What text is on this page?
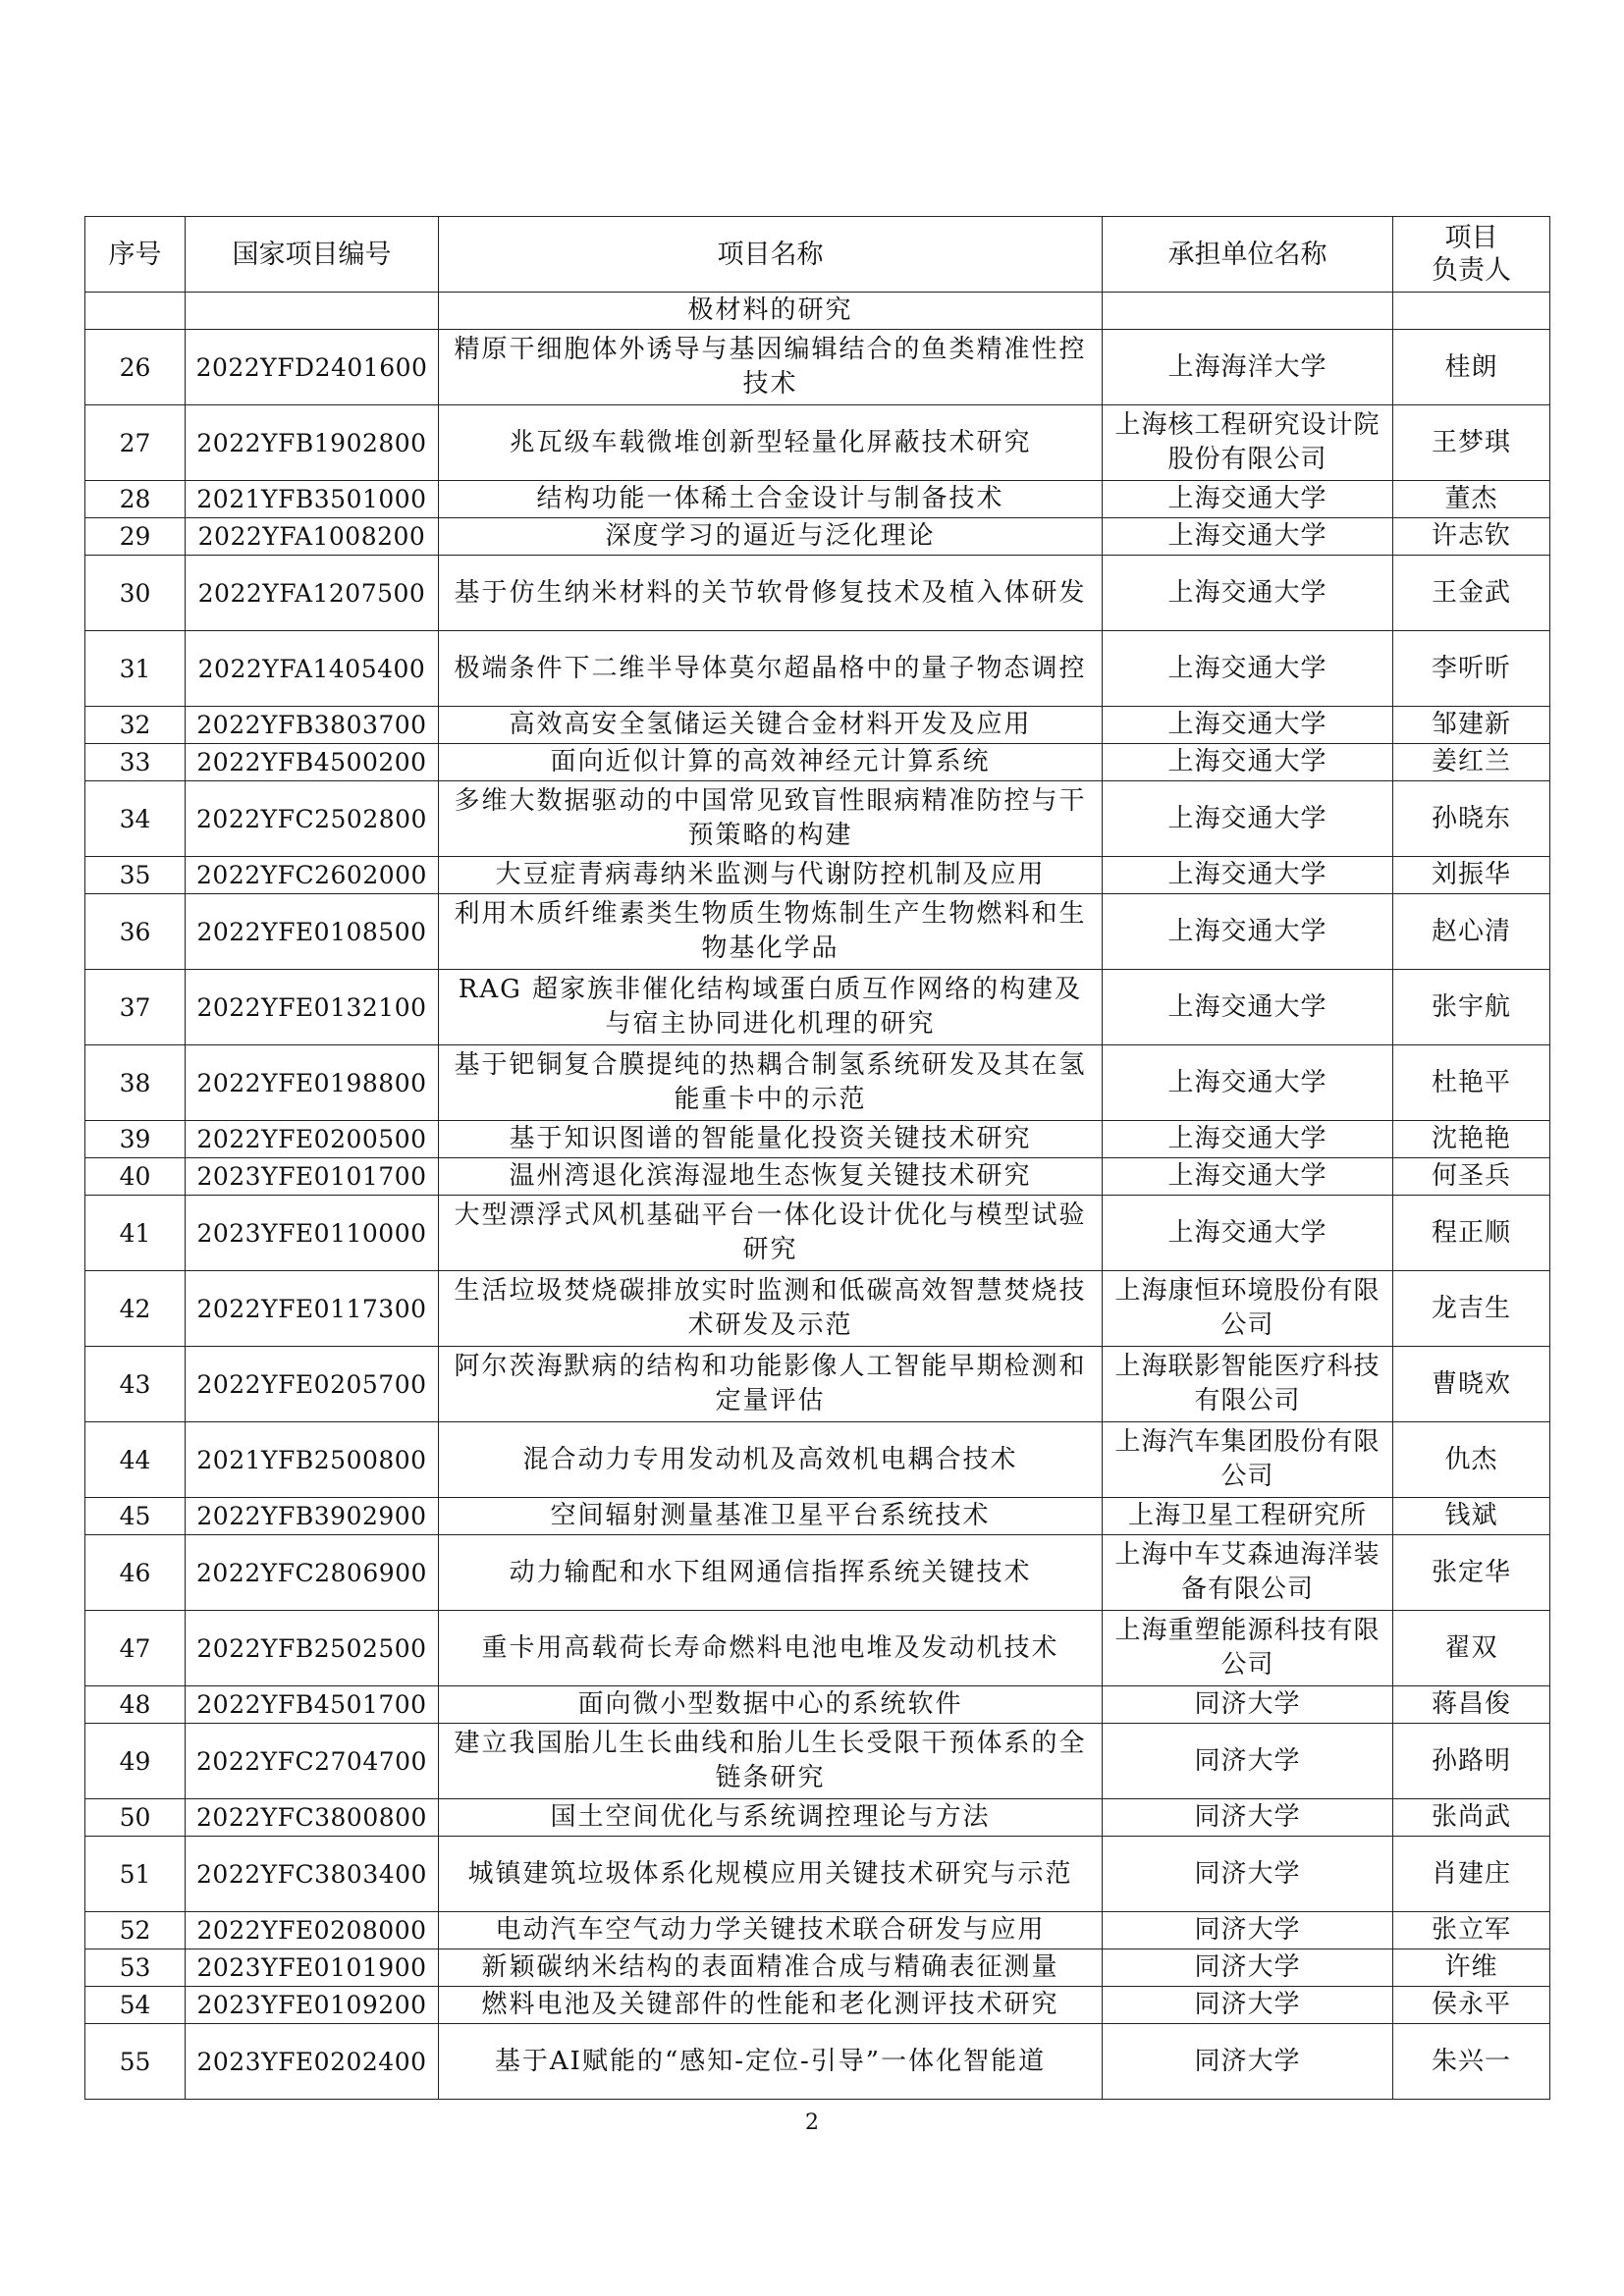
序号	国家项目编号	项目名称	承担单位名称	项目
负责人
		极材料的研究		
26	2022YFD2401600	精原干细胞体外诱导与基因编辑结合的鱼类精准性控技术	上海海洋大学	桂朗
27	2022YFB1902800	兆瓦级车载微堆创新型轻量化屏蔽技术研究	上海核工程研究设计院股份有限公司	王梦琪
28	2021YFB3501000	结构功能一体稀土合金设计与制备技术	上海交通大学	董杰
29	2022YFA1008200	深度学习的逼近与泛化理论	上海交通大学	许志钦
30	2022YFA1207500	基于仿生纳米材料的关节软骨修复技术及植入体研发	上海交通大学	王金武
31	2022YFA1405400	极端条件下二维半导体莫尔超晶格中的量子物态调控	上海交通大学	李听昕
32	2022YFB3803700	高效高安全氢储运关键合金材料开发及应用	上海交通大学	邹建新
33	2022YFB4500200	面向近似计算的高效神经元计算系统	上海交通大学	姜红兰
34	2022YFC2502800	多维大数据驱动的中国常见致盲性眼病精准防控与干预策略的构建	上海交通大学	孙晓东
35	2022YFC2602000	大豆症青病毒纳米监测与代谢防控机制及应用	上海交通大学	刘振华
36	2022YFE0108500	利用木质纤维素类生物质生物炼制生产生物燃料和生物基化学品	上海交通大学	赵心清
37	2022YFE0132100	RAG 超家族非催化结构域蛋白质互作网络的构建及与宿主协同进化机理的研究	上海交通大学	张宇航
38	2022YFE0198800	基于钯铜复合膜提纯的热耦合制氢系统研发及其在氢能重卡中的示范	上海交通大学	杜艳平
39	2022YFE0200500	基于知识图谱的智能量化投资关键技术研究	上海交通大学	沈艳艳
40	2023YFE0101700	温州湾退化滨海湿地生态恢复关键技术研究	上海交通大学	何圣兵
41	2023YFE0110000	大型漂浮式风机基础平台一体化设计优化与模型试验研究	上海交通大学	程正顺
42	2022YFE0117300	生活垃圾焚烧碳排放实时监测和低碳高效智慧焚烧技术研发及示范	上海康恒环境股份有限公司	龙吉生
43	2022YFE0205700	阿尔茨海默病的结构和功能影像人工智能早期检测和定量评估	上海联影智能医疗科技有限公司	曹晓欢
44	2021YFB2500800	混合动力专用发动机及高效机电耦合技术	上海汽车集团股份有限公司	仇杰
45	2022YFB3902900	空间辐射测量基准卫星平台系统技术	上海卫星工程研究所	钱斌
46	2022YFC2806900	动力输配和水下组网通信指挥系统关键技术	上海中车艾森迪海洋装备有限公司	张定华
47	2022YFB2502500	重卡用高载荷长寿命燃料电池电堆及发动机技术	上海重塑能源科技有限公司	翟双
48	2022YFB4501700	面向微小型数据中心的系统软件	同济大学	蒋昌俊
49	2022YFC2704700	建立我国胎儿生长曲线和胎儿生长受限干预体系的全链条研究	同济大学	孙路明
50	2022YFC3800800	国土空间优化与系统调控理论与方法	同济大学	张尚武
51	2022YFC3803400	城镇建筑垃圾体系化规模应用关键技术研究与示范	同济大学	肖建庄
52	2022YFE0208000	电动汽车空气动力学关键技术联合研发与应用	同济大学	张立军
53	2023YFE0101900	新颖碳纳米结构的表面精准合成与精确表征测量	同济大学	许维
54	2023YFE0109200	燃料电池及关键部件的性能和老化测评技术研究	同济大学	侯永平
55	2023YFE0202400	基于AI赋能的“感知-定位-引导”一体化智能道	同济大学	朱兴一
2
